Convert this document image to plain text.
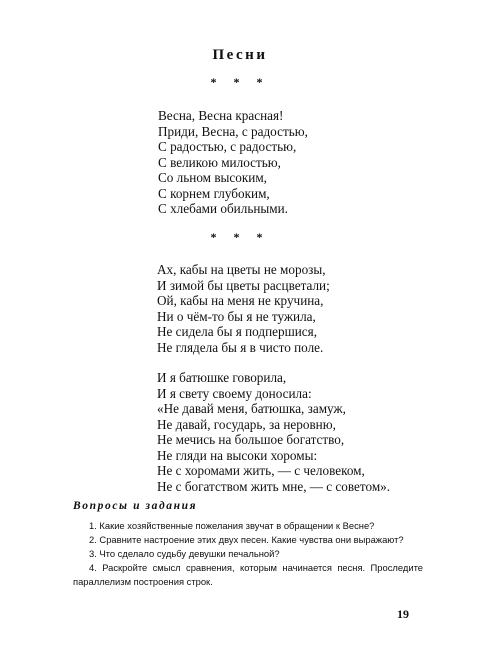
Песни
* * *
Весна, Весна красная!
Приди, Весна, с радостью,
С радостью, с радостью,
С великою милостью,
Со льном высоким,
С корнем глубоким,
С хлебами обильными.
* * *
Ах, кабы на цветы не морозы,
И зимой бы цветы расцветали;
Ой, кабы на меня не кручина,
Ни о чём-то бы я не тужила,
Не сидела бы я подпершися,
Не глядела бы я в чисто поле.
И я батюшке говорила,
И я свету своему доносила:
«Не давай меня, батюшка, замуж,
Не давай, государь, за неровню,
Не мечись на большое богатство,
Не гляди на высоки хоромы:
Не с хоромами жить, — с человеком,
Не с богатством жить мне, — с советом».
Вопросы и задания
1. Какие хозяйственные пожелания звучат в обращении к Весне?
2. Сравните настроение этих двух песен. Какие чувства они выражают?
3. Что сделало судьбу девушки печальной?
4. Раскройте смысл сравнения, которым начинается песня. Проследите параллелизм построения строк.
19
